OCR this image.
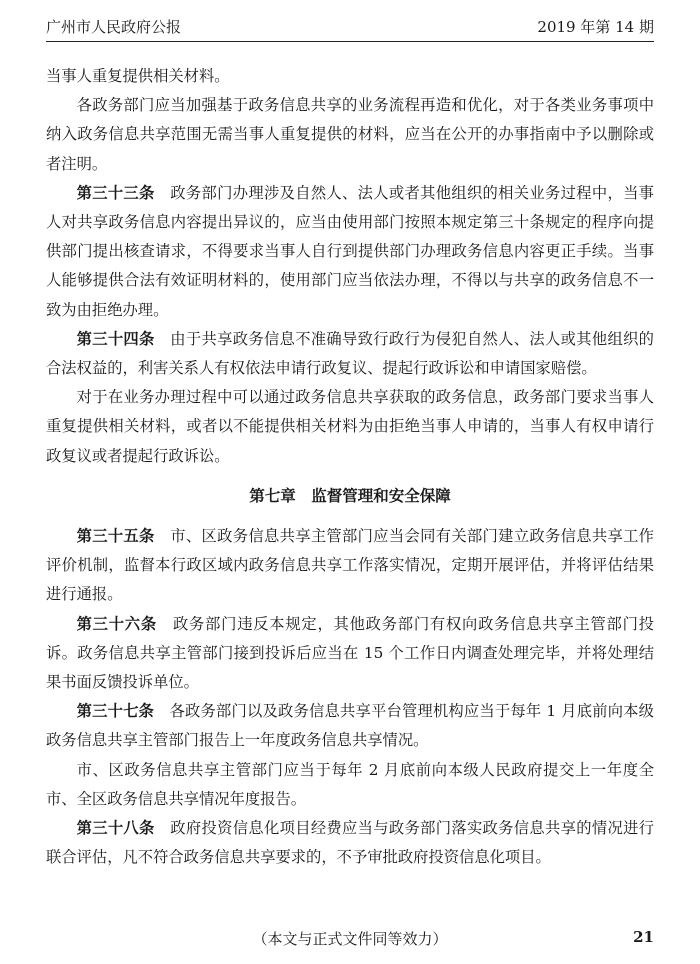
广州市人民政府公报	2019 年第 14 期

当事人重复提供相关材料。

各政务部门应当加强基于政务信息共享的业务流程再造和优化，对于各类业务事项中纳入政务信息共享范围无需当事人重复提供的材料，应当在公开的办事指南中予以删除或者注明。

第三十三条　 政务部门办理涉及自然人、法人或者其他组织的相关业务过程中，当事人对共享政务信息内容提出异议的，应当由使用部门按照本规定第三十条规定的程序向提供部门提出核查请求，不得要求当事人自行到提供部门办理政务信息内容更正手续。当事人能够提供合法有效证明材料的，使用部门应当依法办理，不得以与共享的政务信息不一致为由拒绝办理。

第三十四条　 由于共享政务信息不准确导致行政行为侵犯自然人、法人或其他组织的合法权益的，利害关系人有权依法申请行政复议、提起行政诉讼和申请国家赔偿。

对于在业务办理过程中可以通过政务信息共享获取的政务信息，政务部门要求当事人重复提供相关材料，或者以不能提供相关材料为由拒绝当事人申请的，当事人有权申请行政复议或者提起行政诉讼。

第七章　监督管理和安全保障

第三十五条　 市、区政务信息共享主管部门应当会同有关部门建立政务信息共享工作评价机制，监督本行政区域内政务信息共享工作落实情况，定期开展评估，并将评估结果进行通报。

第三十六条　 政务部门违反本规定，其他政务部门有权向政务信息共享主管部门投诉。政务信息共享主管部门接到投诉后应当在 15 个工作日内调查处理完毕，并将处理结果书面反馈投诉单位。

第三十七条　 各政务部门以及政务信息共享平台管理机构应当于每年 1 月底前向本级政务信息共享主管部门报告上一年度政务信息共享情况。

市、区政务信息共享主管部门应当于每年 2 月底前向本级人民政府提交上一年度全市、全区政务信息共享情况年度报告。

第三十八条　 政府投资信息化项目经费应当与政务部门落实政务信息共享的情况进行联合评估，凡不符合政务信息共享要求的，不予审批政府投资信息化项目。

（本文与正式文件同等效力）	21
